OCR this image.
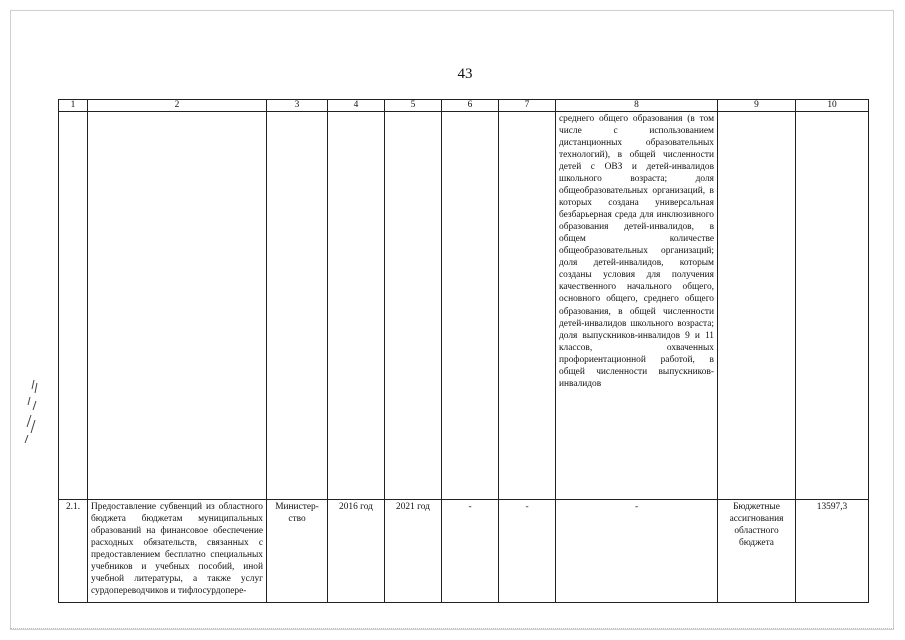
43
1	2	3	4	5	6	7	8	9	10
							среднего общего образования (в том числе с использованием дистанционных образовательных технологий), в общей численности детей с ОВЗ и детей-инвалидов школьного возраста; доля общеобразовательных организаций, в которых создана универсальная безбарьерная среда для инклюзивного образования детей-инвалидов, в общем количестве общеобразовательных организаций; доля детей-инвалидов, которым созданы условия для получения качественного начального общего, основного общего, среднего общего образования, в общей численности детей-инвалидов школьного возраста; доля выпускников-инвалидов 9 и 11 классов, охваченных профориентационной работой, в общей численности выпускников-инвалидов		
2.1.	Предоставление субвенций из областного бюджета бюджетам муниципальных образований на финансовое обеспечение расходных обязательств, связанных с предоставлением бесплатно специальных учебников и учебных пособий, иной учебной литературы, а также услуг сурдопереводчиков и тифлосурдопере-	Министер-ство	2016 год	2021 год	-	-	-	Бюджетные ассигнования областного бюджета	13597,3
